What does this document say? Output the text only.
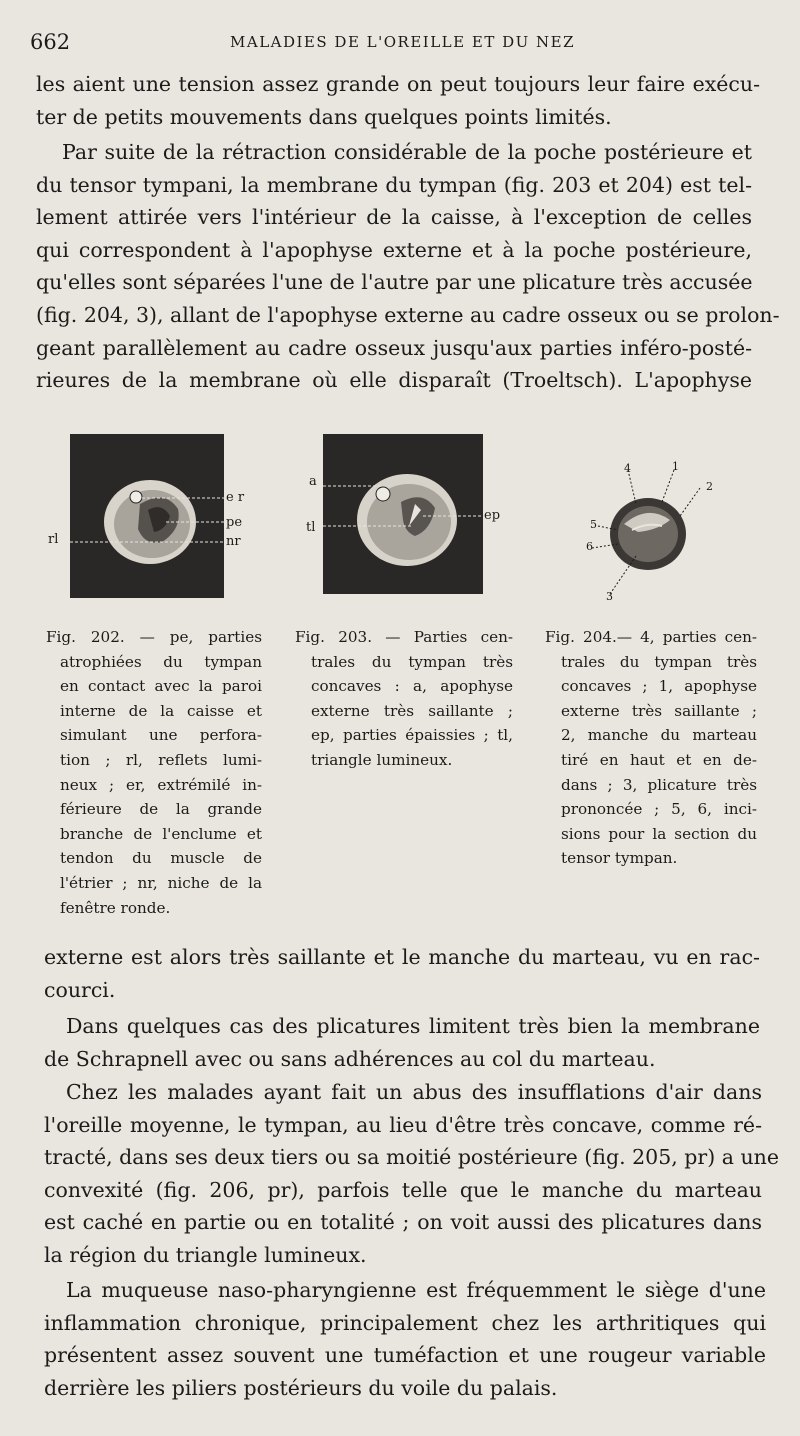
662	MALADIES DE L'OREILLE ET DU NEZ
les aient une tension assez grande on peut toujours leur faire exécu-
ter de petits mouvements dans quelques points limités.
Par suite de la rétraction considérable de la poche postérieure et
du tensor tympani, la membrane du tympan (fig. 203 et 204) est tel-
lement attirée vers l'intérieur de la caisse, à l'exception de celles
qui correspondent à l'apophyse externe et à la poche postérieure,
qu'elles sont séparées l'une de l'autre par une plicature très accusée
(fig. 204, 3), allant de l'apophyse externe au cadre osseux ou se prolon-
geant parallèlement au cadre osseux jusqu'aux parties inféro-posté-
rieures de la membrane où elle disparaît (Troeltsch). L'apophyse
e r
pe
nr
rl
a
ep
tl
4	1
2
5
6
3
Fig. 202. — pe, parties
atrophiées du tympan
en contact avec la paroi
interne de la caisse et
simulant une perfora-
tion ; rl, reflets lumi-
neux ; er, extrémilé in-
férieure de la grande
branche de l'enclume et
tendon du muscle de
l'étrier ; nr, niche de la
fenêtre ronde.
Fig. 203. — Parties cen-
trales du tympan très
concaves : a, apophyse
externe très saillante ;
ep, parties épaissies ; tl,
triangle lumineux.
Fig. 204.— 4, parties cen-
trales du tympan très
concaves ; 1, apophyse
externe très saillante ;
2, manche du marteau
tiré en haut et en de-
dans ; 3, plicature très
prononcée ; 5, 6, inci-
sions pour la section du
tensor tympan.
externe est alors très saillante et le manche du marteau, vu en rac-
courci.
Dans quelques cas des plicatures limitent très bien la membrane
de Schrapnell avec ou sans adhérences au col du marteau.
Chez les malades ayant fait un abus des insufflations d'air dans
l'oreille moyenne, le tympan, au lieu d'être très concave, comme ré-
tracté, dans ses deux tiers ou sa moitié postérieure (fig. 205, pr) a une
convexité (fig. 206, pr), parfois telle que le manche du marteau
est caché en partie ou en totalité ; on voit aussi des plicatures dans
la région du triangle lumineux.
La muqueuse naso-pharyngienne est fréquemment le siège d'une
inflammation chronique, principalement chez les arthritiques qui
présentent assez souvent une tuméfaction et une rougeur variable
derrière les piliers postérieurs du voile du palais.
